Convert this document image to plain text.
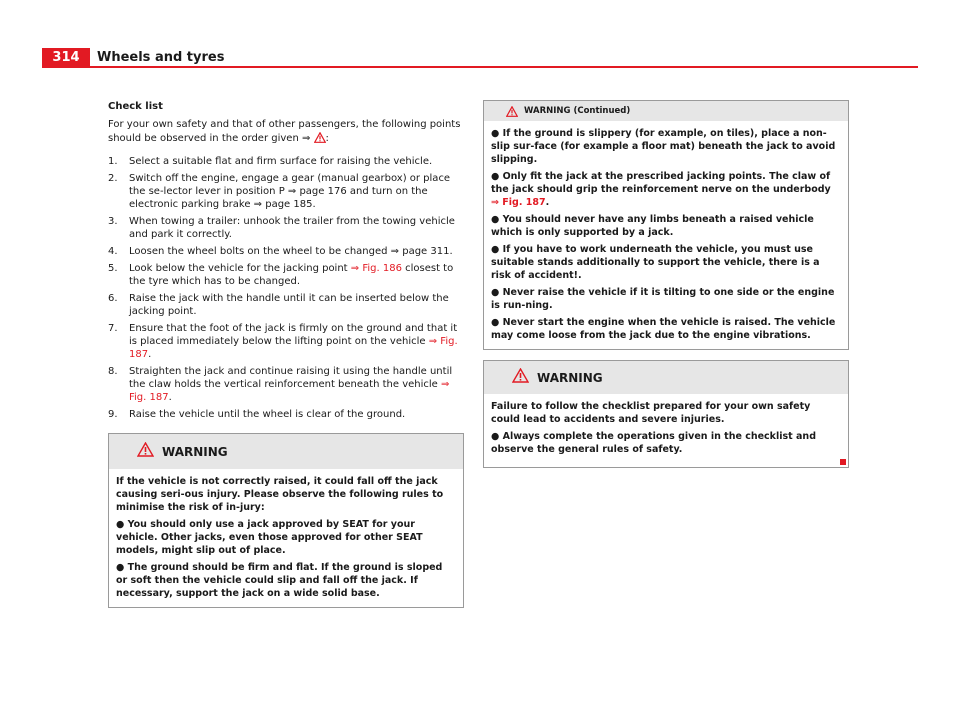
314	Wheels and tyres
Check list
For your own safety and that of other passengers, the following points should be observed in the order given ⇒ :
1.	Select a suitable flat and firm surface for raising the vehicle.
2.	Switch off the engine, engage a gear (manual gearbox) or place the se-lector lever in position P ⇒ page 176 and turn on the electronic parking brake ⇒ page 185.
3.	When towing a trailer: unhook the trailer from the towing vehicle and park it correctly.
4.	Loosen the wheel bolts on the wheel to be changed ⇒ page 311.
5.	Look below the vehicle for the jacking point ⇒ Fig. 186 closest to the tyre which has to be changed.
6.	Raise the jack with the handle until it can be inserted below the jacking point.
7.	Ensure that the foot of the jack is firmly on the ground and that it is placed immediately below the lifting point on the vehicle ⇒ Fig. 187.
8.	Straighten the jack and continue raising it using the handle until the claw holds the vertical reinforcement beneath the vehicle ⇒ Fig. 187.
9.	Raise the vehicle until the wheel is clear of the ground.
WARNING

If the vehicle is not correctly raised, it could fall off the jack causing seri-ous injury. Please observe the following rules to minimise the risk of in-jury:

● You should only use a jack approved by SEAT for your vehicle. Other jacks, even those approved for other SEAT models, might slip out of place.

● The ground should be firm and flat. If the ground is sloped or soft then the vehicle could slip and fall off the jack. If necessary, support the jack on a wide solid base.

WARNING (Continued)

● If the ground is slippery (for example, on tiles), place a non-slip sur-face (for example a floor mat) beneath the jack to avoid slipping.

● Only fit the jack at the prescribed jacking points. The claw of the jack should grip the reinforcement nerve on the underbody ⇒ Fig. 187.

● You should never have any limbs beneath a raised vehicle which is only supported by a jack.

● If you have to work underneath the vehicle, you must use suitable stands additionally to support the vehicle, there is a risk of accident!.

● Never raise the vehicle if it is tilting to one side or the engine is run-ning.

● Never start the engine when the vehicle is raised. The vehicle may come loose from the jack due to the engine vibrations.

WARNING

Failure to follow the checklist prepared for your own safety could lead to accidents and severe injuries.

● Always complete the operations given in the checklist and observe the general rules of safety.
